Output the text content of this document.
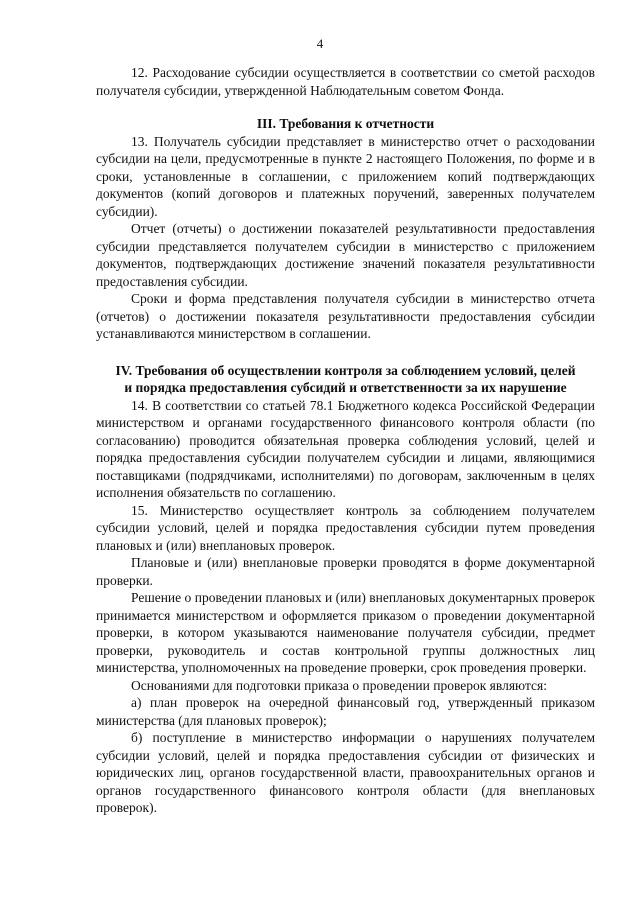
4

12. Расходование субсидии осуществляется в соответствии со сметой расходов получателя субсидии, утвержденной Наблюдательным советом Фонда.

III. Требования к отчетности

13. Получатель субсидии представляет в министерство отчет о расходовании субсидии на цели, предусмотренные в пункте 2 настоящего Положения, по форме и в сроки, установленные в соглашении, с приложением копий подтверждающих документов (копий договоров и платежных поручений, заверенных получателем субсидии).

Отчет (отчеты) о достижении показателей результативности предоставления субсидии представляется получателем субсидии в министерство с приложением документов, подтверждающих достижение значений показателя результативности предоставления субсидии.

Сроки и форма представления получателя субсидии в министерство отчета (отчетов) о достижении показателя результативности предоставления субсидии устанавливаются министерством в соглашении.

IV. Требования об осуществлении контроля за соблюдением условий, целей

и порядка предоставления субсидий и ответственности за их нарушение

14. В соответствии со статьей 78.1 Бюджетного кодекса Российской Федерации министерством и органами государственного финансового контроля области (по согласованию) проводится обязательная проверка соблюдения условий, целей и порядка предоставления субсидии получателем субсидии и лицами, являющимися поставщиками (подрядчиками, исполнителями) по договорам, заключенным в целях исполнения обязательств по соглашению.

15. Министерство осуществляет контроль за соблюдением получателем субсидии условий, целей и порядка предоставления субсидии путем проведения плановых и (или) внеплановых проверок.

Плановые и (или) внеплановые проверки проводятся в форме документарной проверки.

Решение о проведении плановых и (или) внеплановых документарных проверок принимается министерством и оформляется приказом о проведении документарной проверки, в котором указываются наименование получателя субсидии, предмет проверки, руководитель и состав контрольной группы должностных лиц министерства, уполномоченных на проведение проверки, срок проведения проверки.

Основаниями для подготовки приказа о проведении проверок являются:

а) план проверок на очередной финансовый год, утвержденный приказом министерства (для плановых проверок);

б) поступление в министерство информации о нарушениях получателем субсидии условий, целей и порядка предоставления субсидии от физических и юридических лиц, органов государственной власти, правоохранительных органов и органов государственного финансового контроля области (для внеплановых проверок).
